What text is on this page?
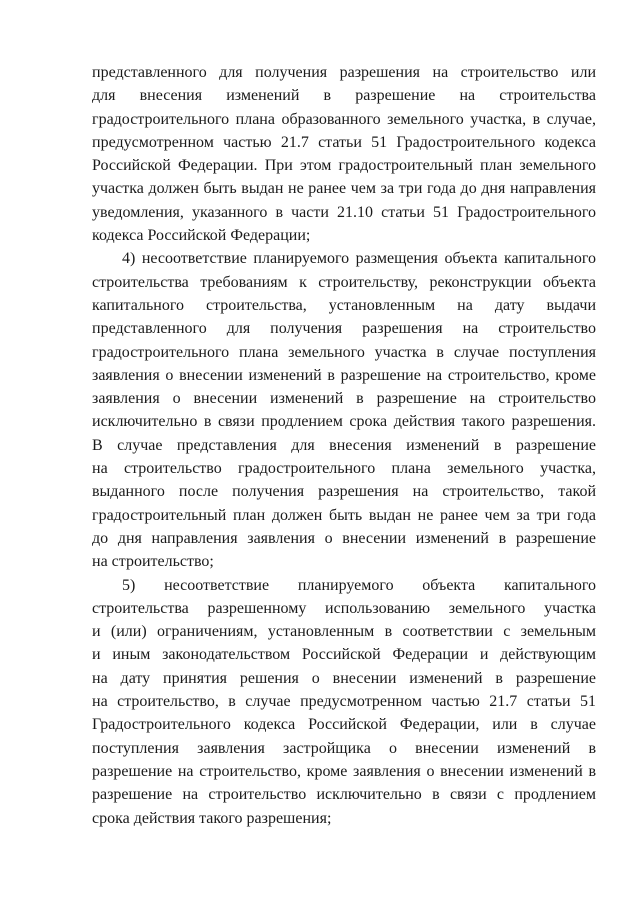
представленного для получения разрешения на строительство или
для внесения изменений в разрешение на строительства
градостроительного плана образованного земельного участка, в случае,
предусмотренном частью 21.7 статьи 51 Градостроительного кодекса
Российской Федерации. При этом градостроительный план земельного
участка должен быть выдан не ранее чем за три года до дня направления
уведомления, указанного в части 21.10 статьи 51 Градостроительного
кодекса Российской Федерации;
4) несоответствие планируемого размещения объекта капитального
строительства требованиям к строительству, реконструкции объекта
капитального строительства, установленным на дату выдачи
представленного для получения разрешения на строительство
градостроительного плана земельного участка в случае поступления
заявления о внесении изменений в разрешение на строительство, кроме
заявления о внесении изменений в разрешение на строительство
исключительно в связи продлением срока действия такого разрешения.
В случае представления для внесения изменений в разрешение
на строительство градостроительного плана земельного участка,
выданного после получения разрешения на строительство, такой
градостроительный план должен быть выдан не ранее чем за три года
до дня направления заявления о внесении изменений в разрешение
на строительство;
5) несоответствие планируемого объекта капитального
строительства разрешенному использованию земельного участка
и (или) ограничениям, установленным в соответствии с земельным
и иным законодательством Российской Федерации и действующим
на дату принятия решения о внесении изменений в разрешение
на строительство, в случае предусмотренном частью 21.7 статьи 51
Градостроительного кодекса Российской Федерации, или в случае
поступления заявления застройщика о внесении изменений в
разрешение на строительство, кроме заявления о внесении изменений в
разрешение на строительство исключительно в связи с продлением
срока действия такого разрешения;
